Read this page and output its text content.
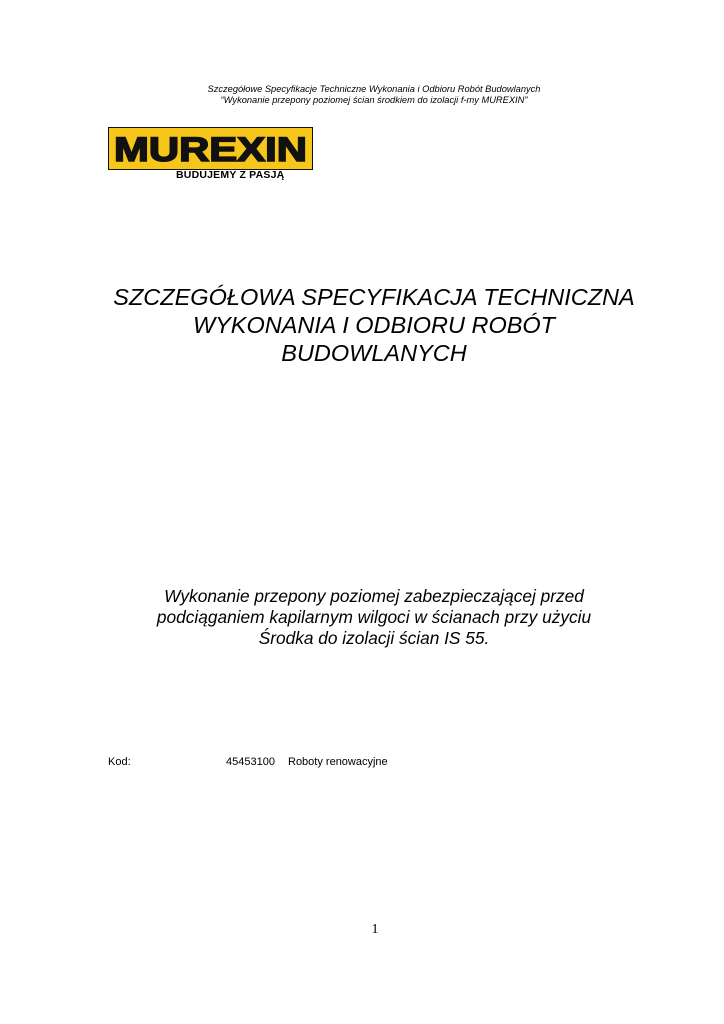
Szczegółowe Specyfikacje Techniczne Wykonania i Odbioru Robót Budowlanych
“Wykonanie przepony poziomej ścian środkiem do izolacji f-my MUREXIN”
MUREXIN
BUDUJEMY Z PASJĄ
SZCZEGÓŁOWA SPECYFIKACJA TECHNICZNA
WYKONANIA I ODBIORU ROBÓT
BUDOWLANYCH
Wykonanie przepony poziomej zabezpieczającej przed
podciąganiem kapilarnym wilgoci w ścianach przy użyciu
Środka do izolacji ścian IS 55.
Kod:	45453100 Roboty renowacyjne
1
